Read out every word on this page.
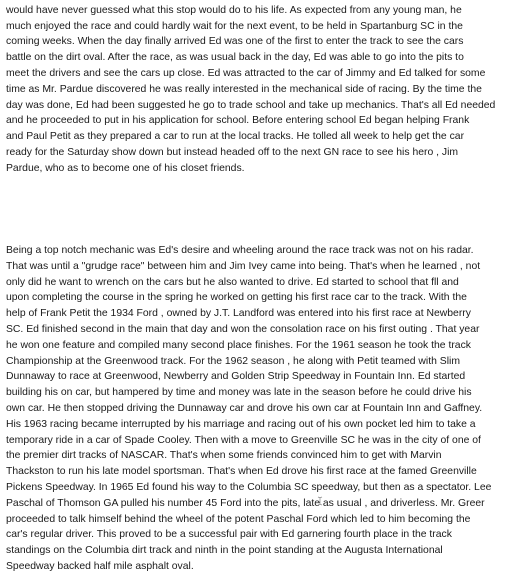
would have never guessed what this stop would do to his life. As expected from any young man, he
much enjoyed the race and could hardly wait for the next event, to be held in Spartanburg SC in the
coming weeks. When the day finally arrived Ed was one of the first to enter the track to see the cars
battle on the dirt oval. After the race, as was usual back in the day, Ed was able to go into the pits to
meet the drivers and see the cars up close. Ed was attracted to the car of Jimmy and Ed talked for some
time as Mr. Pardue discovered he was really interested in the mechanical side of racing. By the time the
day was done, Ed had been suggested he go to trade school and take up mechanics. That's all Ed needed
and he proceeded to put in his application for school. Before entering school Ed began helping Frank
and Paul Petit as they prepared a car to run at the local tracks. He tolled all week to help get the car
ready for the Saturday show down but instead headed off to the next GN race to see his hero , Jim
Pardue, who as to become one of his closet friends.
Being a top notch mechanic was Ed's desire and wheeling around the race track was not on his radar.
That was until a "grudge race" between him and Jim Ivey came into being. That's when he learned , not
only did he want to wrench on the cars but he also wanted to drive. Ed started to school that fll and
upon completing the course in the spring he worked on getting his first race car to the track. With the
help of Frank Petit the 1934 Ford , owned by J.T. Landford was entered into his first race at Newberry
SC. Ed finished second in the main that day and won the consolation race on his first outing . That year
he won one feature and compiled many second place finishes. For the 1961 season he took the track
Championship at the Greenwood track. For the 1962 season , he along with Petit teamed with Slim
Dunnaway to race at Greenwood, Newberry and Golden Strip Speedway in Fountain Inn. Ed started
building his on car, but hampered by time and money was late in the season before he could drive his
own car. He then stopped driving the Dunnaway car and drove his own car at Fountain Inn and Gaffney.
His 1963 racing became interrupted by his marriage and racing out of his own pocket led him to take a
temporary ride in a car of Spade Cooley. Then with a move to Greenville SC he was in the city of one of
the premier dirt tracks of NASCAR. That's when some friends convinced him to get with Marvin
Thackston to run his late model sportsman. That's when Ed drove his first race at the famed Greenville
Pickens Speedway. In 1965 Ed found his way to the Columbia SC speedway, but then as a spectator. Lee
Paschal of Thomson GA pulled his number 45 Ford into the pits, late as usual , and driverless. Mr. Greer
proceeded to talk himself behind the wheel of the potent Paschal Ford which led to him becoming the
car's regular driver. This proved to be a successful pair with Ed garnering fourth place in the track
standings on the Columbia dirt track and ninth in the point standing at the Augusta International
Speedway backed half mile asphalt oval.
